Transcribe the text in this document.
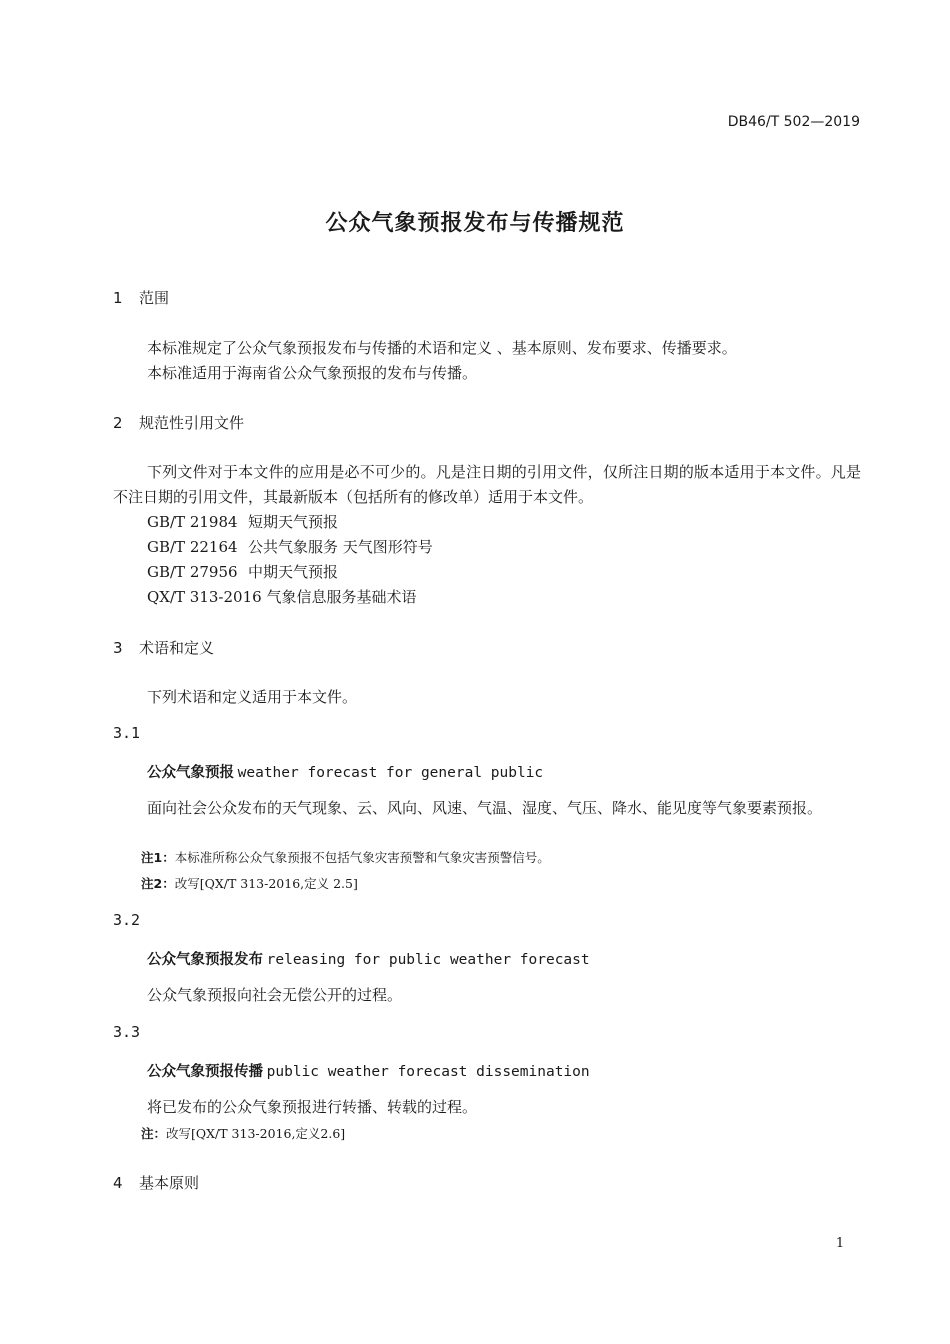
DB46/T 502—2019
公众气象预报发布与传播规范
1 范围
本标准规定了公众气象预报发布与传播的术语和定义 、基本原则、发布要求、传播要求。
本标准适用于海南省公众气象预报的发布与传播。
2 规范性引用文件
下列文件对于本文件的应用是必不可少的。凡是注日期的引用文件，仅所注日期的版本适用于本文件。凡是不注日期的引用文件，其最新版本（包括所有的修改单）适用于本文件。
GB/T 21984 短期天气预报
GB/T 22164 公共气象服务 天气图形符号
GB/T 27956 中期天气预报
QX/T 313-2016 气象信息服务基础术语
3 术语和定义
下列术语和定义适用于本文件。
3.1
公众气象预报 weather forecast for general public
面向社会公众发布的天气现象、云、风向、风速、气温、湿度、气压、降水、能见度等气象要素预报。
注1：本标准所称公众气象预报不包括气象灾害预警和气象灾害预警信号。
注2：改写[QX/T 313-2016,定义 2.5]
3.2
公众气象预报发布 releasing for public weather forecast
公众气象预报向社会无偿公开的过程。
3.3
公众气象预报传播 public weather forecast dissemination
将已发布的公众气象预报进行转播、转载的过程。
注：改写[QX/T 313-2016,定义2.6]
4 基本原则
1
